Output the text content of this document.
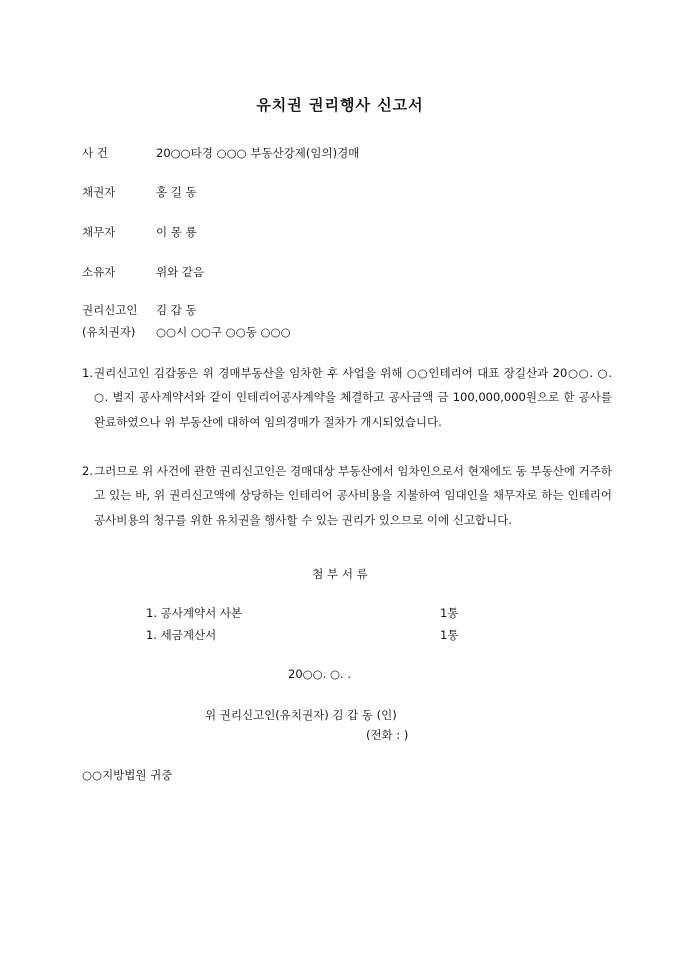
유치권 권리행사 신고서
사 건	20○○타경 ○○○ 부동산강제(임의)경매
채권자	홍 길 동
채무자	이 몽 룡
소유자	위와 같음
권리신고인 김 갑 동
(유치권자) ○○시 ○○구 ○○동 ○○○
1. 권리신고인 김갑동은 위 경매부동산을 임차한 후 사업을 위해 ○○인테리어 대표 장길산과 20○○. ○. ○. 별지 공사계약서와 같이 인테리어공사계약을 체결하고 공사금액 금 100,000,000원으로 한 공사를 완료하였으나 위 부동산에 대하여 임의경매가 절차가 개시되었습니다.
2. 그러므로 위 사건에 관한 권리신고인은 경매대상 부동산에서 임차인으로서 현재에도 동 부동산에 거주하고 있는 바, 위 권리신고액에 상당하는 인테리어 공사비용을 지불하여 임대인을 채무자로 하는 인테리어공사비용의 청구를 위한 유치권을 행사할 수 있는 권리가 있으므로 이에 신고합니다.
첨 부 서 류
1. 공사계약서 사본	1통
1. 세금계산서	1통
20○○. ○. .
위 권리신고인(유치권자) 김 갑 동 (인)
(전화 : )
○○지방법원 귀중
